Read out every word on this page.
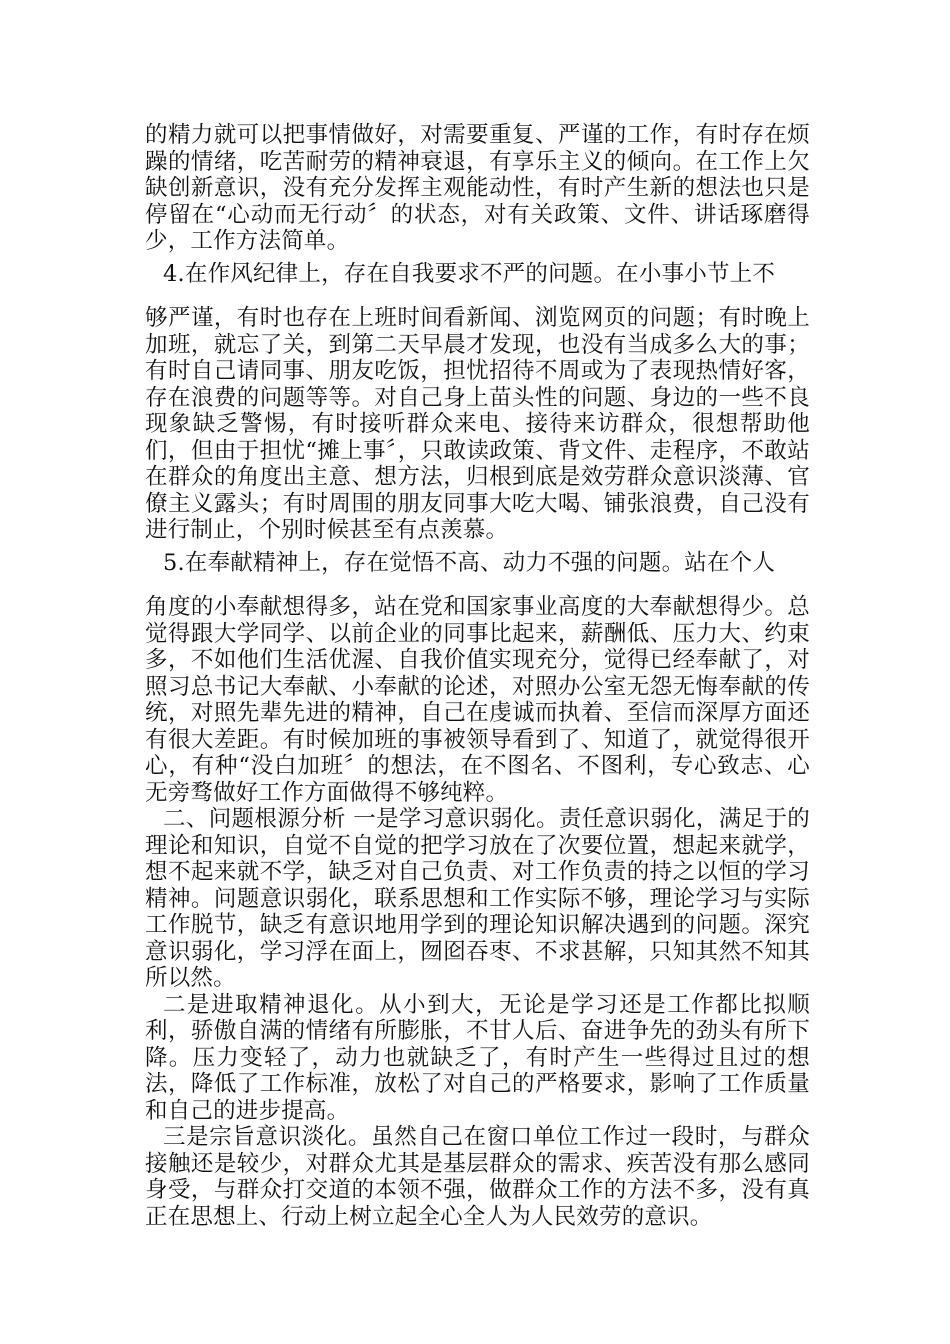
的精力就可以把事情做好，对需要重复、严谨的工作，有时存在烦躁的情绪，吃苦耐劳的精神衰退，有享乐主义的倾向。在工作上欠缺创新意识，没有充分发挥主观能动性，有时产生新的想法也只是停留在“心动而无行动〞的状态，对有关政策、文件、讲话琢磨得少，工作方法简单。

4.在作风纪律上，存在自我要求不严的问题。在小事小节上不

够严谨，有时也存在上班时间看新闻、浏览网页的问题；有时晚上加班，就忘了关，到第二天早晨才发现，也没有当成多么大的事；有时自己请同事、朋友吃饭，担忧招待不周或为了表现热情好客，存在浪费的问题等等。对自己身上苗头性的问题、身边的一些不良现象缺乏警惕，有时接听群众来电、接待来访群众，很想帮助他们，但由于担忧“摊上事〞，只敢读政策、背文件、走程序，不敢站在群众的角度出主意、想方法，归根到底是效劳群众意识淡薄、官僚主义露头；有时周围的朋友同事大吃大喝、铺张浪费，自己没有进行制止，个别时候甚至有点羡慕。

5.在奉献精神上，存在觉悟不高、动力不强的问题。站在个人

角度的小奉献想得多，站在党和国家事业高度的大奉献想得少。总觉得跟大学同学、以前企业的同事比起来，薪酬低、压力大、约束多，不如他们生活优渥、自我价值实现充分，觉得已经奉献了，对照习总书记大奉献、小奉献的论述，对照办公室无怨无悔奉献的传统，对照先辈先进的精神，自己在虔诚而执着、至信而深厚方面还有很大差距。有时候加班的事被领导看到了、知道了，就觉得很开心，有种“没白加班〞的想法，在不图名、不图利，专心致志、心无旁骛做好工作方面做得不够纯粹。

二、问题根源分析 一是学习意识弱化。责任意识弱化，满足于的理论和知识，自觉不自觉的把学习放在了次要位置，想起来就学，想不起来就不学，缺乏对自己负责、对工作负责的持之以恒的学习精神。问题意识弱化，联系思想和工作实际不够，理论学习与实际工作脱节，缺乏有意识地用学到的理论知识解决遇到的问题。深究意识弱化，学习浮在面上，囫囵吞枣、不求甚解，只知其然不知其所以然。

二是进取精神退化。从小到大，无论是学习还是工作都比拟顺利，骄傲自满的情绪有所膨胀，不甘人后、奋进争先的劲头有所下降。压力变轻了，动力也就缺乏了，有时产生一些得过且过的想法，降低了工作标准，放松了对自己的严格要求，影响了工作质量和自己的进步提高。

三是宗旨意识淡化。虽然自己在窗口单位工作过一段时，与群众接触还是较少，对群众尤其是基层群众的需求、疾苦没有那么感同身受，与群众打交道的本领不强，做群众工作的方法不多，没有真正在思想上、行动上树立起全心全人为人民效劳的意识。
